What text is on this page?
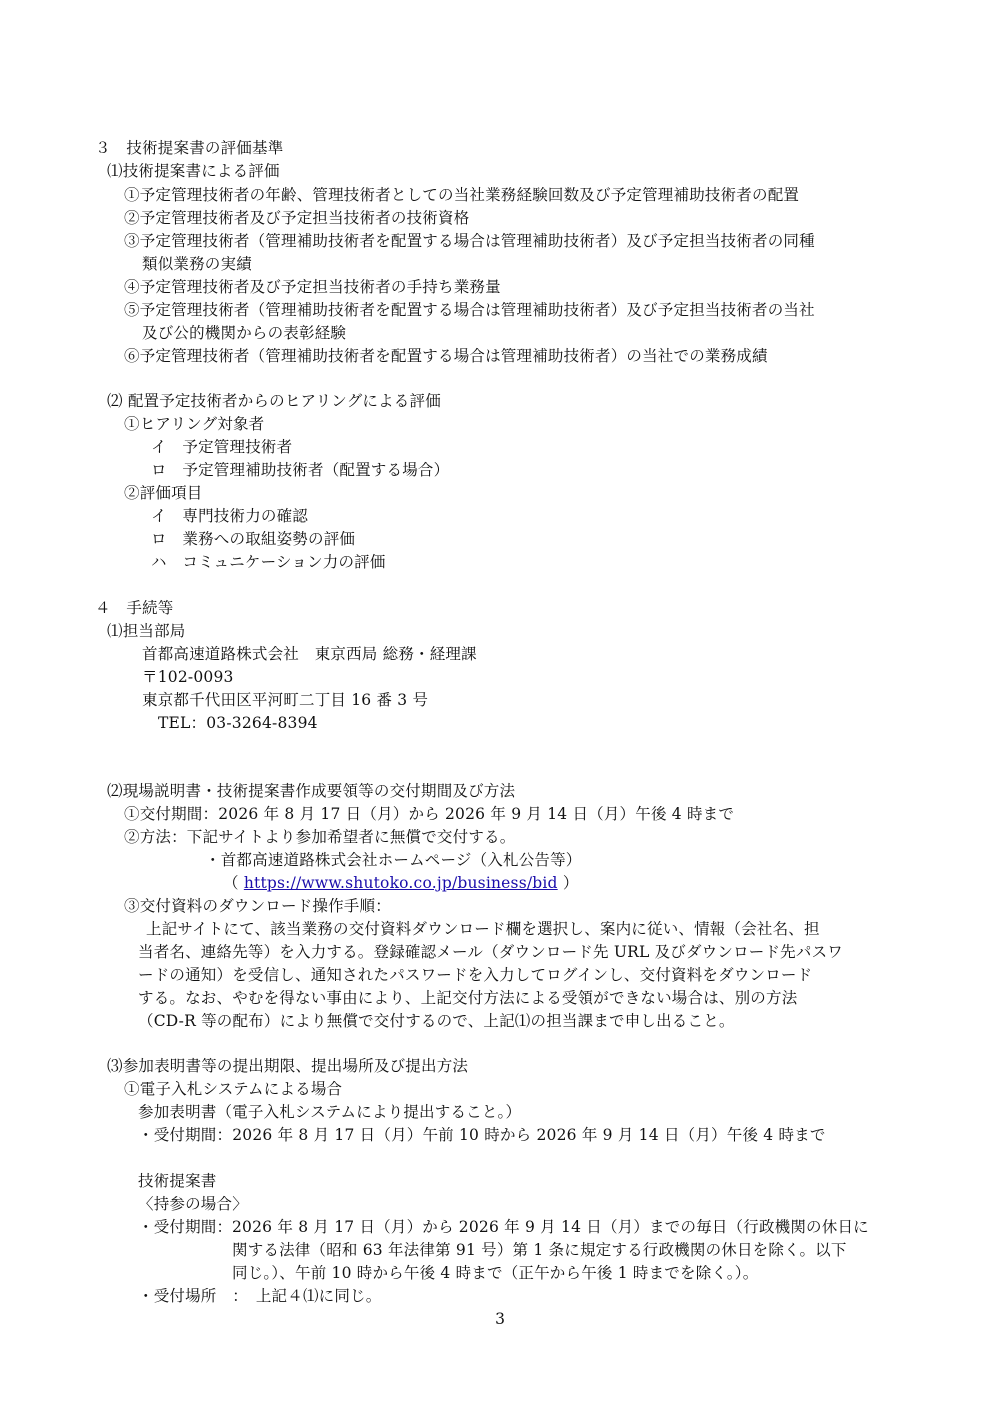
３　技術提案書の評価基準
⑴技術提案書による評価
①予定管理技術者の年齢、管理技術者としての当社業務経験回数及び予定管理補助技術者の配置
②予定管理技術者及び予定担当技術者の技術資格
③予定管理技術者（管理補助技術者を配置する場合は管理補助技術者）及び予定担当技術者の同種
類似業務の実績
④予定管理技術者及び予定担当技術者の手持ち業務量
⑤予定管理技術者（管理補助技術者を配置する場合は管理補助技術者）及び予定担当技術者の当社
及び公的機関からの表彰経験
⑥予定管理技術者（管理補助技術者を配置する場合は管理補助技術者）の当社での業務成績
⑵ 配置予定技術者からのヒアリングによる評価
①ヒアリング対象者
イ　予定管理技術者
ロ　予定管理補助技術者（配置する場合）
②評価項目
イ　専門技術力の確認
ロ　業務への取組姿勢の評価
ハ　コミュニケーション力の評価
４　手続等
⑴担当部局
首都高速道路株式会社　東京西局 総務・経理課
〒102-0093
東京都千代田区平河町二丁目 16 番 3 号
TEL：03-3264-8394
⑵現場説明書・技術提案書作成要領等の交付期間及び方法
①交付期間：2026 年 8 月 17 日（月）から 2026 年 9 月 14 日（月）午後 4 時まで
②方法：下記サイトより参加希望者に無償で交付する。
・首都高速道路株式会社ホームページ（入札公告等）
（ https://www.shutoko.co.jp/business/bid ）
③交付資料のダウンロード操作手順：
上記サイトにて、該当業務の交付資料ダウンロード欄を選択し、案内に従い、情報（会社名、担
当者名、連絡先等）を入力する。登録確認メール（ダウンロード先 URL 及びダウンロード先パスワ
ードの通知）を受信し、通知されたパスワードを入力してログインし、交付資料をダウンロード
する。なお、やむを得ない事由により、上記交付方法による受領ができない場合は、別の方法
（CD-R 等の配布）により無償で交付するので、上記⑴の担当課まで申し出ること。
⑶参加表明書等の提出期限、提出場所及び提出方法
①電子入札システムによる場合
参加表明書（電子入札システムにより提出すること。）
・受付期間：2026 年 8 月 17 日（月）午前 10 時から 2026 年 9 月 14 日（月）午後 4 時まで
技術提案書
〈持参の場合〉
・受付期間： 2026 年 8 月 17 日（月）から 2026 年 9 月 14 日（月）までの毎日（行政機関の休日に
関する法律（昭和 63 年法律第 91 号）第 1 条に規定する行政機関の休日を除く。以下
同じ。）、午前 10 時から午後 4 時まで（正午から午後 1 時までを除く。）。
・受付場所　：　上記４⑴に同じ。
3
